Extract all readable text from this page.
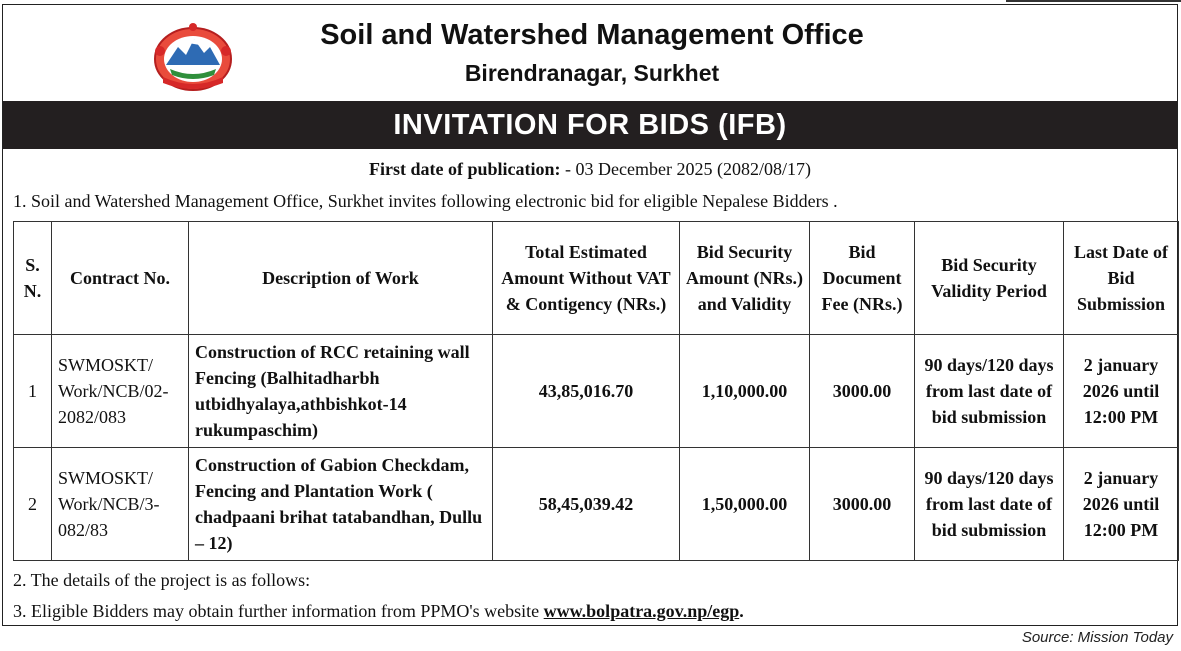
Soil and Watershed Management Office
Birendranagar, Surkhet
INVITATION FOR BIDS (IFB)
First date of publication: - 03 December 2025 (2082/08/17)
1. Soil and Watershed Management Office, Surkhet invites following electronic bid for eligible Nepalese Bidders .
S. N.	Contract No.	Description of Work	Total Estimated Amount Without VAT & Contigency (NRs.)	Bid Security Amount (NRs.) and Validity	Bid Document Fee (NRs.)	Bid Security Validity Period	Last Date of Bid Submission
1	SWMOSKT/ Work/NCB/02-2082/083	Construction of RCC retaining wall Fencing (Balhitadharbh utbidhyalaya,athbishkot-14 rukumpaschim)	43,85,016.70	1,10,000.00	3000.00	90 days/120 days from last date of bid submission	2 january 2026 until 12:00 PM
2	SWMOSKT/ Work/NCB/3-082/83	Construction of Gabion Checkdam, Fencing and Plantation Work ( chadpaani brihat tatabandhan, Dullu – 12)	58,45,039.42	1,50,000.00	3000.00	90 days/120 days from last date of bid submission	2 january 2026 until 12:00 PM
2. The details of the project is as follows:
3. Eligible Bidders may obtain further information from PPMO's website www.bolpatra.gov.np/egp.
Source: Mission Today
